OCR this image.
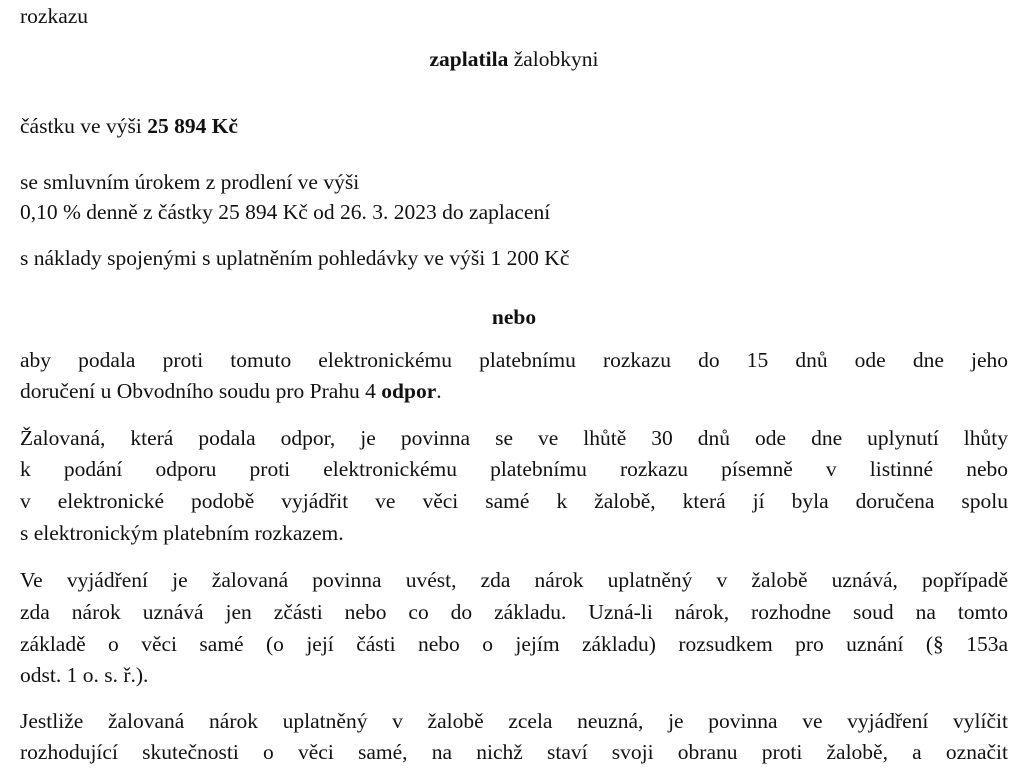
rozkazu
zaplatila žalobkyni
částku ve výši 25 894 Kč
se smluvním úrokem z prodlení ve výši
0,10 % denně z částky 25 894 Kč od 26. 3. 2023 do zaplacení
s náklady spojenými s uplatněním pohledávky ve výši 1 200 Kč
nebo
aby podala proti tomuto elektronickému platebnímu rozkazu do 15 dnů ode dne jeho
doručení u Obvodního soudu pro Prahu 4 odpor.
Žalovaná, která podala odpor, je povinna se ve lhůtě 30 dnů ode dne uplynutí lhůty
k podání odporu proti elektronickému platebnímu rozkazu písemně v listinné nebo
v elektronické podobě vyjádřit ve věci samé k žalobě, která jí byla doručena spolu
s elektronickým platebním rozkazem.
Ve vyjádření je žalovaná povinna uvést, zda nárok uplatněný v žalobě uznává, popřípadě
zda nárok uznává jen zčásti nebo co do základu. Uzná-li nárok, rozhodne soud na tomto
základě o věci samé (o její části nebo o jejím základu) rozsudkem pro uznání (§ 153a
odst. 1 o. s. ř.).
Jestliže žalovaná nárok uplatněný v žalobě zcela neuzná, je povinna ve vyjádření vylíčit
rozhodující skutečnosti o věci samé, na nichž staví svoji obranu proti žalobě, a označit
